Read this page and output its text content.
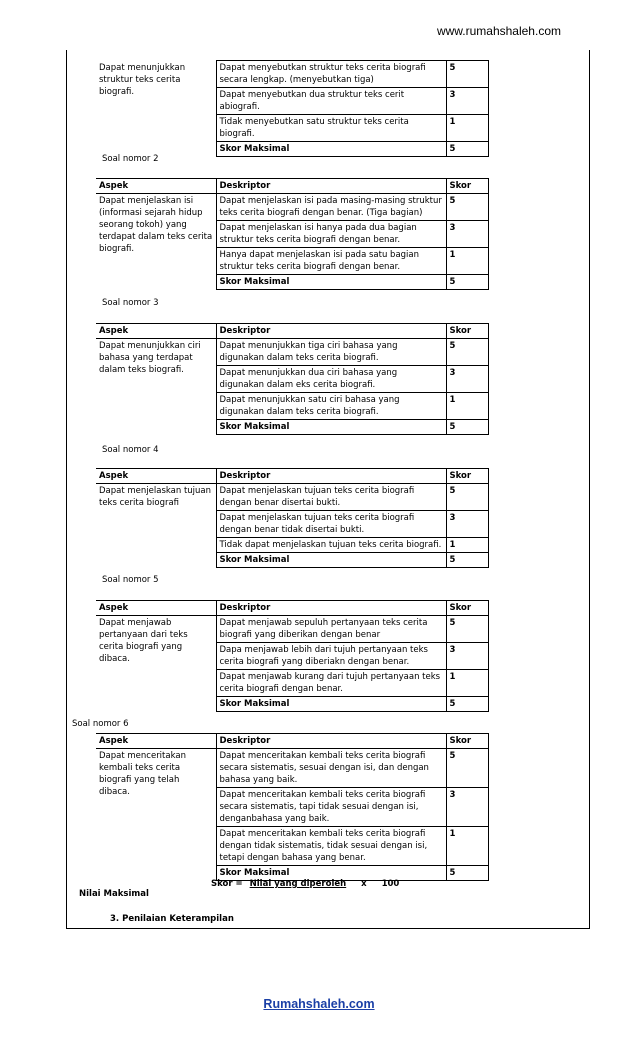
www.rumahshaleh.com
Dapat menunjukkan struktur teks cerita biografi.	Dapat menyebutkan struktur teks cerita biografi secara lengkap. (menyebutkan tiga)	5
	Dapat menyebutkan dua struktur teks cerit abiografi.	3
	Tidak menyebutkan satu struktur teks cerita biografi.	1
	Skor Maksimal	5
Soal nomor 2
Aspek	Deskriptor	Skor
Dapat menjelaskan isi (informasi sejarah hidup seorang tokoh) yang terdapat dalam teks cerita biografi.	Dapat menjelaskan isi pada masing-masing struktur teks cerita biografi dengan benar. (Tiga bagian)	5
	Dapat menjelaskan isi hanya pada dua bagian struktur teks cerita biografi dengan benar.	3
	Hanya dapat menjelaskan isi pada satu bagian struktur teks cerita biografi dengan benar.	1
	Skor Maksimal	5
Soal nomor 3
Aspek	Deskriptor	Skor
Dapat menunjukkan ciri bahasa yang terdapat dalam teks biografi.	Dapat menunjukkan tiga ciri bahasa yang digunakan dalam teks cerita biografi.	5
	Dapat menunjukkan dua ciri bahasa yang digunakan dalam eks cerita biografi.	3
	Dapat menunjukkan satu ciri bahasa yang digunakan dalam teks cerita biografi.	1
	Skor Maksimal	5
Soal nomor 4
Aspek	Deskriptor	Skor
Dapat menjelaskan tujuan teks cerita biografi	Dapat menjelaskan tujuan teks cerita biografi dengan benar disertai bukti.	5
	Dapat menjelaskan tujuan teks cerita biografi dengan benar tidak disertai bukti.	3
	Tidak dapat menjelaskan tujuan teks cerita biografi.	1
	Skor Maksimal	5
Soal nomor 5
Aspek	Deskriptor	Skor
Dapat menjawab pertanyaan dari teks cerita biografi yang dibaca.	Dapat menjawab sepuluh pertanyaan teks cerita biografi yang diberikan dengan benar	5
	Dapa menjawab lebih dari tujuh pertanyaan teks cerita biografi yang diberiakn dengan benar.	3
	Dapat menjawab kurang dari tujuh pertanyaan teks cerita biografi dengan benar.	1
	Skor Maksimal	5
Soal nomor 6
Aspek	Deskriptor	Skor
Dapat menceritakan kembali teks cerita biografi yang telah dibaca.	Dapat menceritakan kembali teks cerita biografi secara sistematis, sesuai dengan isi, dan dengan bahasa yang baik.	5
	Dapat menceritakan kembali teks cerita biografi secara sistematis, tapi tidak sesuai dengan isi, denganbahasa yang baik.	3
	Dapat menceritakan kembali teks cerita biografi dengan tidak sistematis, tidak sesuai dengan isi, tetapi dengan bahasa yang benar.	1
	Skor Maksimal	5
Skor = Nilai yang diperoleh x 100
Nilai Maksimal
3. Penilaian Keterampilan
Rumahshaleh.com
